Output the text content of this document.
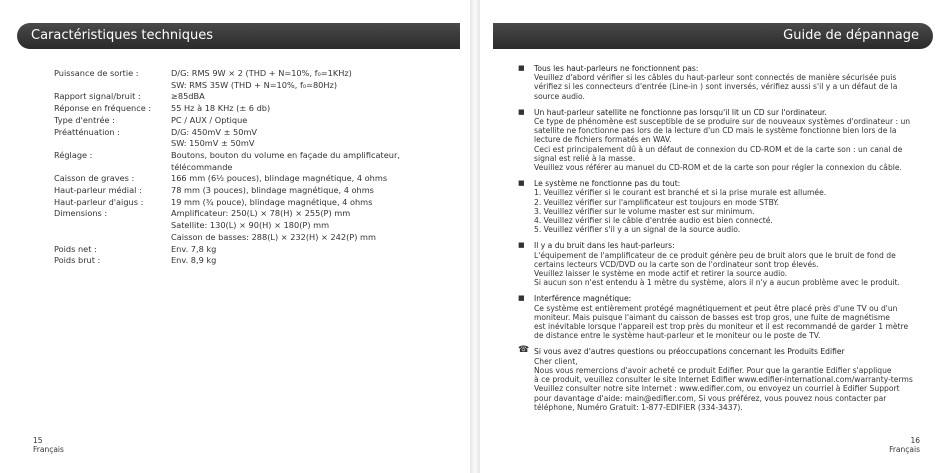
Caractéristiques techniques
Puissance de sortie :	D/G: RMS 9W × 2 (THD + N=10%, f₀=1KHz)
SW: RMS 35W (THD + N=10%, f₀=80Hz)
Rapport signal/bruit :	≥85dBA
Réponse en fréquence :	55 Hz à 18 KHz (± 6 db)
Type d'entrée :	PC / AUX / Optique
Préatténuation :	D/G: 450mV ± 50mV
SW: 150mV ± 50mV
Réglage :	Boutons, bouton du volume en façade du amplificateur,
télécommande
Caisson de graves :	166 mm (6½ pouces), blindage magnétique, 4 ohms
Haut-parleur médial :	78 mm (3 pouces), blindage magnétique, 4 ohms
Haut-parleur d'aigus :	19 mm (¾ pouce), blindage magnétique, 4 ohms
Dimensions :	Amplificateur: 250(L) × 78(H) × 255(P) mm
Satellite: 130(L) × 90(H) × 180(P) mm
Caisson de basses: 288(L) × 232(H) × 242(P) mm
Poids net :	Env. 7,8 kg
Poids brut :	Env. 8,9 kg
15
Français
Guide de dépannage
■	Tous les haut-parleurs ne fonctionnent pas:
Veuillez d'abord vérifier si les câbles du haut-parleur sont connectés de manière sécurisée puis
vérifiez si les connecteurs d'entrée (Line-in ) sont inversés, vérifiez aussi s'il y a un défaut de la
source audio.
■	Un haut-parleur satellite ne fonctionne pas lorsqu'il lit un CD sur l'ordinateur.
Ce type de phénomène est susceptible de se produire sur de nouveaux systèmes d'ordinateur : un
satellite ne fonctionne pas lors de la lecture d'un CD mais le système fonctionne bien lors de la
lecture de fichiers formatés en WAV.
Ceci est principalement dû à un défaut de connexion du CD-ROM et de la carte son : un canal de
signal est relié à la masse.
Veuillez vous référer au manuel du CD-ROM et de la carte son pour régler la connexion du câble.
■	Le système ne fonctionne pas du tout:
1. Veuillez vérifier si le courant est branché et si la prise murale est allumée.
2. Veuillez vérifier sur l'amplificateur est toujours en mode STBY.
3. Veuillez vérifier sur le volume master est sur minimum.
4. Veuillez vérifier si le câble d'entrée audio est bien connecté.
5. Veuillez vérifier s'il y a un signal de la source audio.
■	Il y a du bruit dans les haut-parleurs:
L'équipement de l'amplificateur de ce produit génère peu de bruit alors que le bruit de fond de
certains lecteurs VCD/DVD ou la carte son de l'ordinateur sont trop élevés.
Veuillez laisser le système en mode actif et retirer la source audio.
Si aucun son n'est entendu à 1 mètre du système, alors il n'y a aucun problème avec le produit.
■	Interférence magnétique:
Ce système est entièrement protégé magnétiquement et peut être placé près d'une TV ou d'un
moniteur. Mais puisque l'aimant du caisson de basses est trop gros, une fuite de magnétisme
est inévitable lorsque l'appareil est trop près du moniteur et il est recommandé de garder 1 mètre
de distance entre le système haut-parleur et le moniteur ou le poste de TV.
☎ Si vous avez d'autres questions ou préoccupations concernant les Produits Edifier
Cher client,
Nous vous remercions d'avoir acheté ce produit Edifier. Pour que la garantie Edifier s'applique
à ce produit, veuillez consulter le site Internet Edifier www.edifier-international.com/warranty-terms
Veuillez consulter notre site Internet : www.edifier.com, ou envoyez un courriel à Edifier Support
pour davantage d'aide: main@edifier.com, Si vous préférez, vous pouvez nous contacter par
téléphone, Numéro Gratuit: 1-877-EDIFIER (334-3437).
16
Français
